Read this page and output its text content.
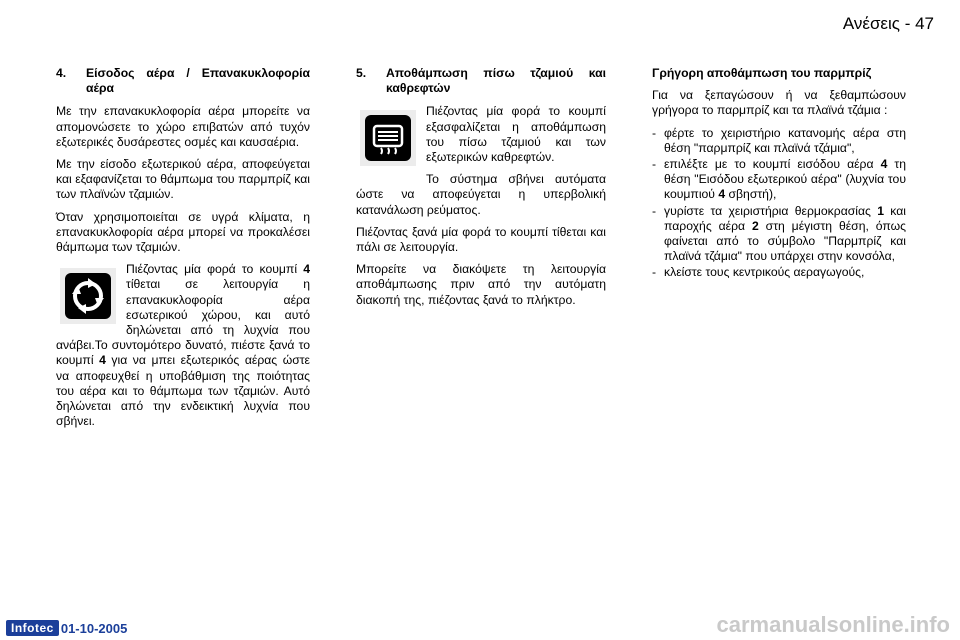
Ανέσεις - 47
4.	Είσοδος αέρα / Επανακυκλοφορία αέρα

Με την επανακυκλοφορία αέρα μπορείτε να απομονώσετε το χώρο επιβατών από τυχόν εξωτερικές δυσάρεστες οσμές και καυσαέρια.

Με την είσοδο εξωτερικού αέρα, αποφεύγεται και εξαφανίζεται το θάμπωμα του παρμπρίζ και των πλαϊνών τζαμιών.

Όταν χρησιμοποιείται σε υγρά κλίματα, η επανακυκλοφορία αέρα μπορεί να προκαλέσει θάμπωμα των τζαμιών.

Πιέζοντας μία φορά το κουμπί 4 τίθεται σε λειτουργία η επανακυκλοφορία αέρα εσωτερικού χώρου, και αυτό δηλώνεται από τη λυχνία που ανάβει.Το συντομότερο δυνατό, πιέστε ξανά το κουμπί 4 για να μπει εξωτερικός αέρας ώστε να αποφευχθεί η υποβάθμιση της ποιότητας του αέρα και το θάμπωμα των τζαμιών. Αυτό δηλώνεται από την ενδεικτική λυχνία που σβήνει.

5.	Αποθάμπωση πίσω τζαμιού και καθρεφτών

Πιέζοντας μία φορά το κουμπί εξασφαλίζεται η αποθάμπωση του πίσω τζαμιού και των εξωτερικών καθρεφτών.

Το σύστημα σβήνει αυτόματα ώστε να αποφεύγεται η υπερβολική κατανάλωση ρεύματος.

Πιέζοντας ξανά μία φορά το κουμπί τίθεται και πάλι σε λειτουργία.

Μπορείτε να διακόψετε τη λειτουργία αποθάμπωσης πριν από την αυτόματη διακοπή της, πιέζοντας ξανά το πλήκτρο.

Γρήγορη αποθάμπωση του παρμπρίζ

Για να ξεπαγώσουν ή να ξεθαμπώσουν γρήγορα το παρμπρίζ και τα πλαϊνά τζάμια :

- φέρτε το χειριστήριο κατανομής αέρα στη θέση "παρμπρίζ και πλαϊνά τζάμια",
- επιλέξτε με το κουμπί εισόδου αέρα 4 τη θέση "Εισόδου εξωτερικού αέρα" (λυχνία του κουμπιού 4 σβηστή),
- γυρίστε τα χειριστήρια θερμοκρασίας 1 και παροχής αέρα 2 στη μέγιστη θέση, όπως φαίνεται από το σύμβολο "Παρμπρίζ και πλαϊνά τζάμια" που υπάρχει στην κονσόλα,
- κλείστε τους κεντρικούς αεραγωγούς,
Infotec 01-10-2005	carmanualsonline.info
